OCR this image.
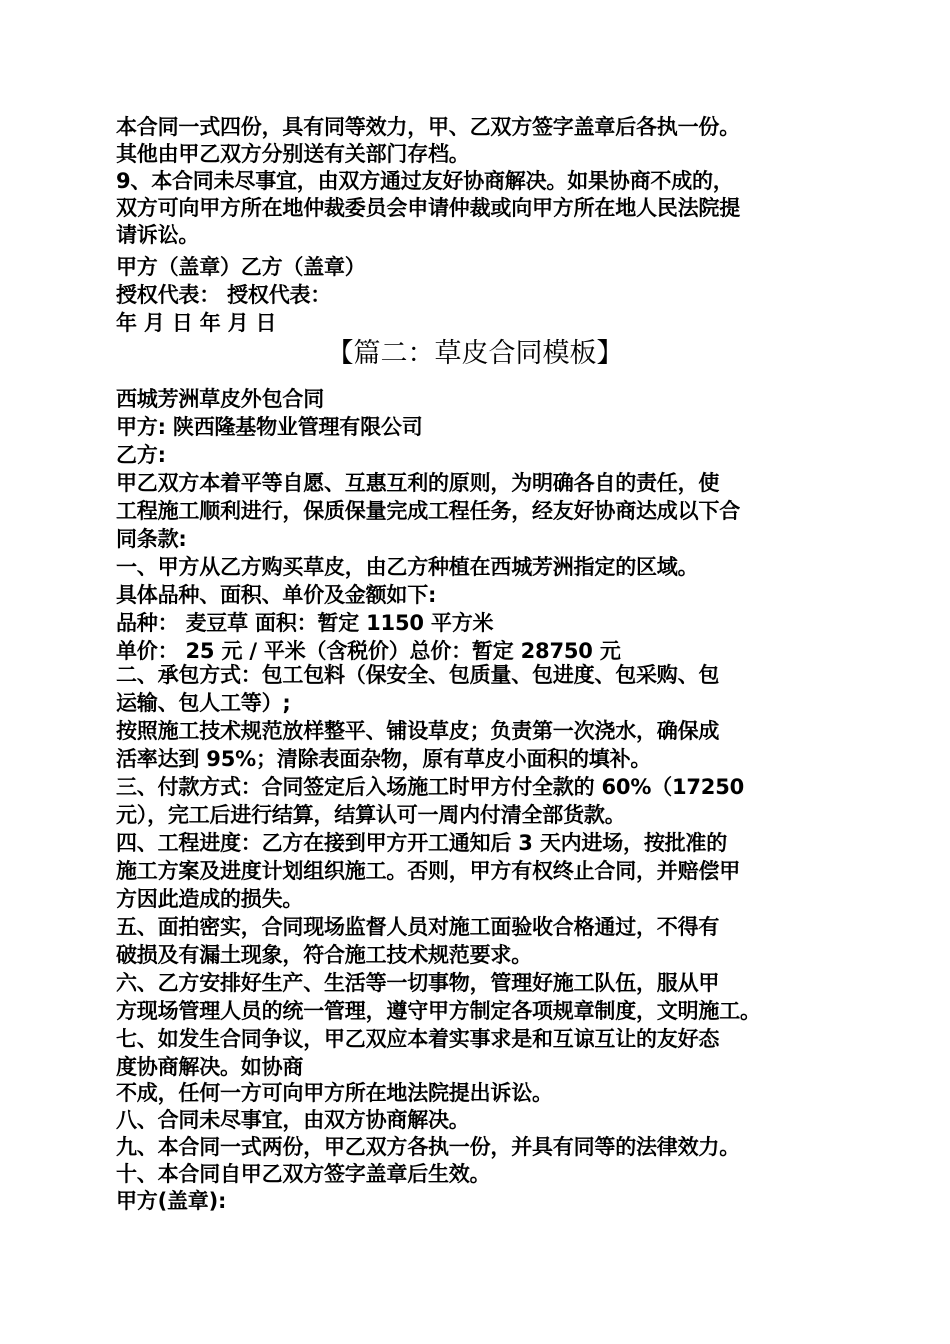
本合同一式四份，具有同等效力，甲、乙双方签字盖章后各执一份。
其他由甲乙双方分别送有关部门存档。
9、本合同未尽事宜，由双方通过友好协商解决。如果协商不成的，
双方可向甲方所在地仲裁委员会申请仲裁或向甲方所在地人民法院提
请诉讼。
甲方（盖章）乙方（盖章）
授权代表： 授权代表：
年 月 日 年 月 日
【篇二：草皮合同模板】
西城芳洲草皮外包合同
甲方: 陕西隆基物业管理有限公司
乙方:
甲乙双方本着平等自愿、互惠互利的原则，为明确各自的责任，使
工程施工顺利进行，保质保量完成工程任务，经友好协商达成以下合
同条款:
一、甲方从乙方购买草皮，由乙方种植在西城芳洲指定的区域。
具体品种、面积、单价及金额如下:
品种： 麦豆草 面积：暂定 1150 平方米
单价： 25 元 / 平米（含税价）总价：暂定 28750 元
二、承包方式：包工包料（保安全、包质量、包进度、包采购、包
运输、包人工等）;
按照施工技术规范放样整平、铺设草皮；负责第一次浇水，确保成
活率达到 95%；清除表面杂物，原有草皮小面积的填补。
三、付款方式：合同签定后入场施工时甲方付全款的 60%（17250
元），完工后进行结算，结算认可一周内付清全部货款。
四、工程进度：乙方在接到甲方开工通知后 3 天内进场，按批准的
施工方案及进度计划组织施工。否则，甲方有权终止合同，并赔偿甲
方因此造成的损失。
五、面拍密实，合同现场监督人员对施工面验收合格通过，不得有
破损及有漏土现象，符合施工技术规范要求。
六、乙方安排好生产、生活等一切事物，管理好施工队伍，服从甲
方现场管理人员的统一管理，遵守甲方制定各项规章制度，文明施工。
七、如发生合同争议，甲乙双应本着实事求是和互谅互让的友好态
度协商解决。如协商
不成，任何一方可向甲方所在地法院提出诉讼。
八、合同未尽事宜，由双方协商解决。
九、本合同一式两份，甲乙双方各执一份，并具有同等的法律效力。
十、本合同自甲乙双方签字盖章后生效。
甲方(盖章):
